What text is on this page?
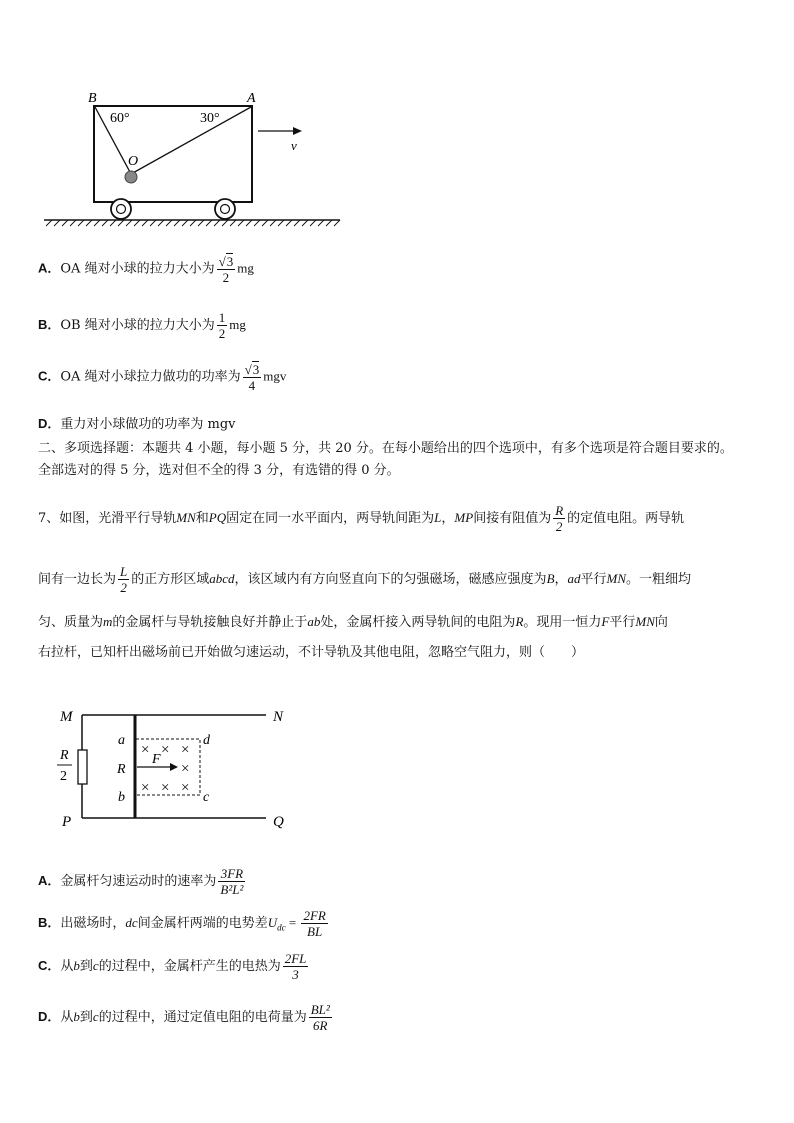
B	A
60°	30°
O
v
A．OA 绳对小球的拉力大小为 $\frac{√3}{2}$ mg
B．OB 绳对小球的拉力大小为 $\frac{1}{2}$ mg
C．OA 绳对小球拉力做功的功率为 $\frac{√3}{4}$ mgv
D．重力对小球做功的功率为 mgv
二、多项选择题：本题共 4 小题，每小题 5 分，共 20 分。在每小题给出的四个选项中，有多个选项是符合题目要求的。
全部选对的得 5 分，选对但不全的得 3 分，有选错的得 0 分。
7、如图，光滑平行导轨MN和PQ固定在同一水平面内，两导轨间距为L，MP间接有阻值为 $\frac{R}{2}$ 的定值电阻。两导轨
间有一边长为 $\frac{L}{2}$ 的正方形区域abcd，该区域内有方向竖直向下的匀强磁场，磁感应强度为B，ad平行MN。一粗细均
匀、质量为m的金属杆与导轨接触良好并静止于ab处，金属杆接入两导轨间的电阻为R。现用一恒力F平行MN向
右拉杆，已知杆出磁场前已开始做匀速运动，不计导轨及其他电阻，忽略空气阻力，则（　　）
× × ×
×
× × ×
F
M	N
P	Q
a
R
b
d
c
R
2
A．金属杆匀速运动时的速率为 $\frac{3FR}{\text{B²L²}}$
B．出磁场时，dc间金属杆两端的电势差$U_{dc} = \frac{2FR}{BL}$
C．从b到c的过程中，金属杆产生的电热为 $\frac{2FL}{3}$
D．从b到c的过程中，通过定值电阻的电荷量为 $\frac{\text{BL²}}{6R}$
